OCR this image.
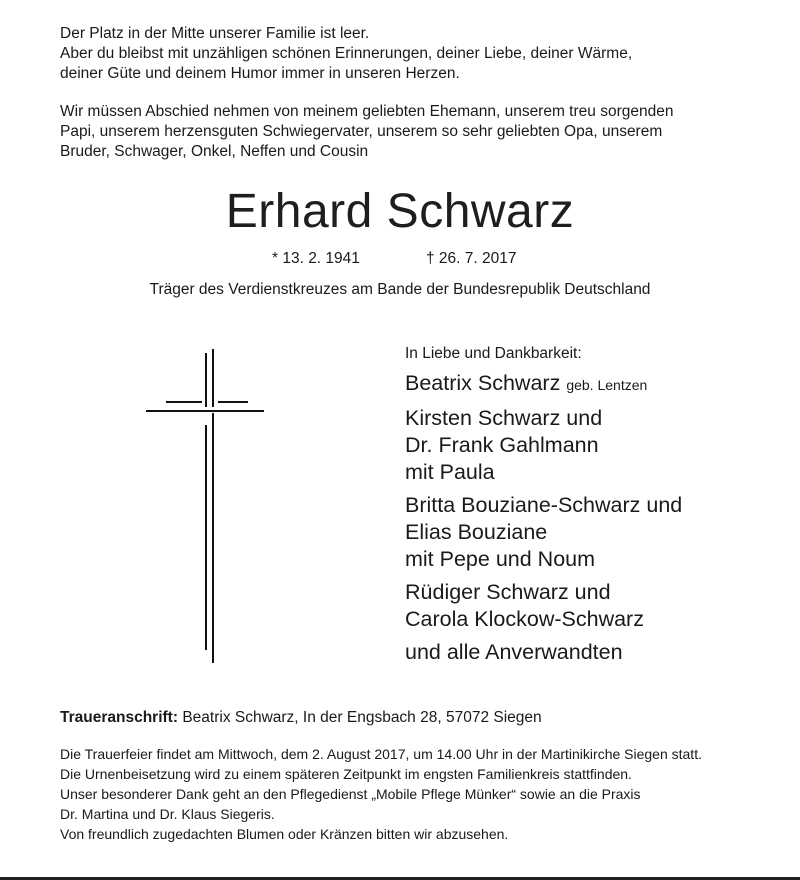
Der Platz in der Mitte unserer Familie ist leer.

Aber du bleibst mit unzähligen schönen Erinnerungen, deiner Liebe, deiner Wärme,

deiner Güte und deinem Humor immer in unseren Herzen.

Wir müssen Abschied nehmen von meinem geliebten Ehemann, unserem treu sorgenden

Papi, unserem herzensguten Schwiegervater, unserem so sehr geliebten Opa, unserem

Bruder, Schwager, Onkel, Neffen und Cousin

Erhard Schwarz
* 13. 2. 1941	† 26. 7. 2017
Träger des Verdienstkreuzes am Bande der Bundesrepublik Deutschland
In Liebe und Dankbarkeit:
Beatrix Schwarz geb. Lentzen
Kirsten Schwarz und
Dr. Frank Gahlmann
mit Paula
Britta Bouziane-Schwarz und
Elias Bouziane
mit Pepe und Noum
Rüdiger Schwarz und
Carola Klockow-Schwarz
und alle Anverwandten
Traueranschrift: Beatrix Schwarz, In der Engsbach 28, 57072 Siegen

Die Trauerfeier findet am Mittwoch, dem 2. August 2017, um 14.00 Uhr in der Martinikirche Siegen statt.

Die Urnenbeisetzung wird zu einem späteren Zeitpunkt im engsten Familienkreis stattfinden.

Unser besonderer Dank geht an den Pflegedienst „Mobile Pflege Münker“ sowie an die Praxis

Dr. Martina und Dr. Klaus Siegeris.

Von freundlich zugedachten Blumen oder Kränzen bitten wir abzusehen.
